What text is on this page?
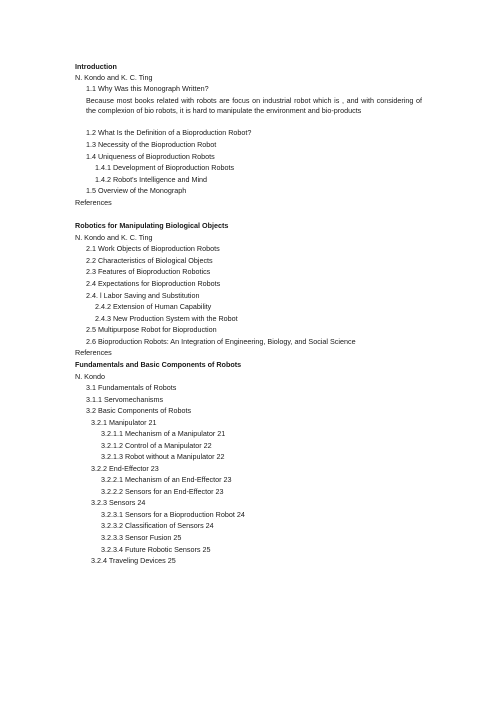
Introduction
N. Kondo and K. C. Ting
1.1 Why Was this Monograph Written?
Because most books related with robots are focus on industrial robot which is , and with considering of the complexion of bio robots, it is hard to manipulate the environment and bio-products
1.2 What Is the Definition of a Bioproduction Robot?
1.3 Necessity of the Bioproduction Robot
1.4 Uniqueness of Bioproduction Robots
1.4.1 Development of Bioproduction Robots
1.4.2 Robot's Intelligence and Mind
1.5 Overview of the Monograph
References
Robotics for Manipulating Biological Objects
N. Kondo and K. C. Ting
2.1 Work Objects of Bioproduction Robots
2.2 Characteristics of Biological Objects
2.3 Features of Bioproduction Robotics
2.4 Expectations for Bioproduction Robots
2.4. l Labor Saving and Substitution
2.4.2 Extension of Human Capability
2.4.3 New Production System with the Robot
2.5 Multipurpose Robot for Bioproduction
2.6 Bioproduction Robots: An Integration of Engineering, Biology, and Social Science
References
Fundamentals and Basic Components of Robots
N. Kondo
3.1 Fundamentals of Robots
3.1.1 Servomechanisms
3.2 Basic Components of Robots
3.2.1 Manipulator 21
3.2.1.1 Mechanism of a Manipulator 21
3.2.1.2 Control of a Manipulator 22
3.2.1.3 Robot without a Manipulator 22
3.2.2 End-Effector 23
3.2.2.1 Mechanism of an End-Effector 23
3.2.2.2 Sensors for an End-Effector 23
3.2.3 Sensors 24
3.2.3.1 Sensors for a Bioproduction Robot 24
3.2.3.2 Classification of Sensors 24
3.2.3.3 Sensor Fusion 25
3.2.3.4 Future Robotic Sensors 25
3.2.4 Traveling Devices 25
